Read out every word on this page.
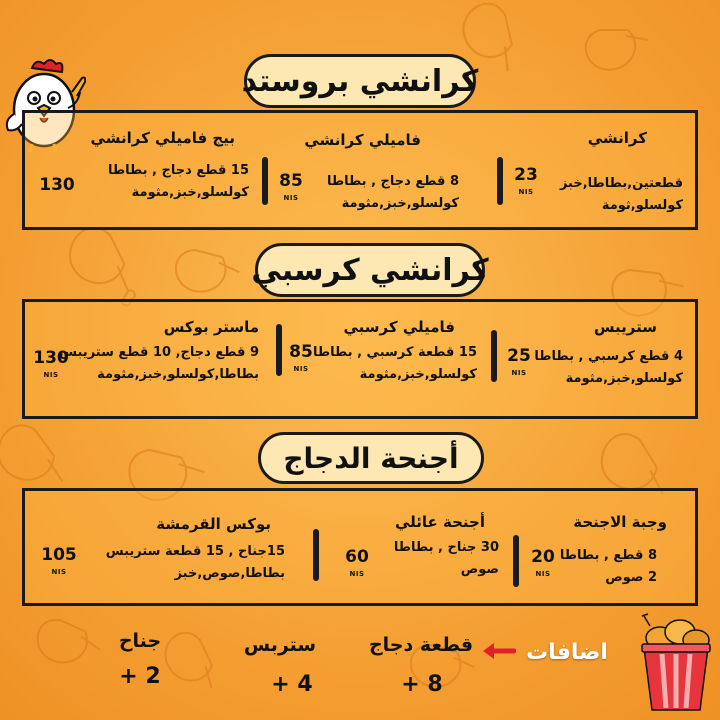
كرانشي بروستد
كرانشي كرسبي
أجنحة الدجاج
كرانشي
قطعتين,بطاطا,خبز
كولسلو,ثومة
23
NIS
فاميلي كرانشي
8 قطع دجاج , بطاطا
كولسلو,خبز,مثومة
85
NIS
بيج فاميلي كرانشي
15 قطع دجاج , بطاطا
كولسلو,خبز,مثومة
130
ستريبس
4 قطع كرسبي , بطاطا
كولسلو,خبز,مثومة
25
NIS
فاميلي كرسبي
15 قطعة كرسبي , بطاطا
كولسلو,خبز,مثومة
85
NIS
ماستر بوكس
9 قطع دجاج, 10 قطع ستريبس
بطاطا,كولسلو,خبز,مثومة
130
NIS
وجبة الاجنحة
8 قطع , بطاطا
2 صوص
20
NIS
أجنحة عائلي
30 جناح , بطاطا
صوص
60
NIS
بوكس القرمشة
15جناح , 15 قطعة ستريبس
بطاطا,صوص,خبز
105
NIS
اضافات
قطعة دجاج
+ 8
ستربس
+ 4
جناح
+ 2
